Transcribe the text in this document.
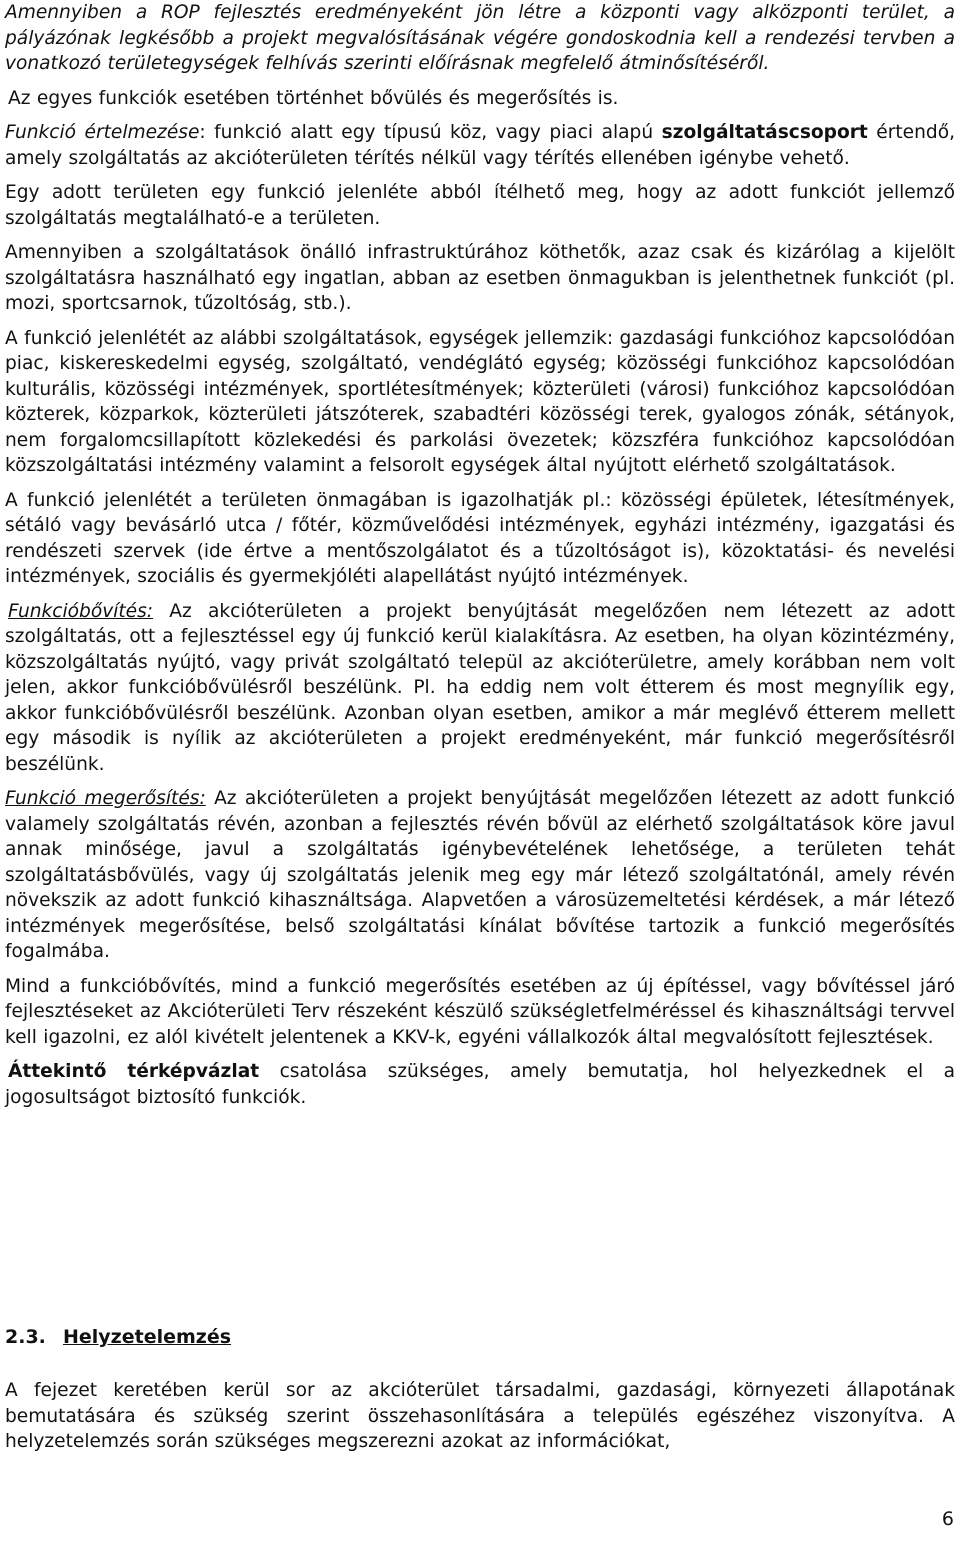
Amennyiben a ROP fejlesztés eredményeként jön létre a központi vagy alközponti terület, a pályázónak legkésőbb a projekt megvalósításának végére gondoskodnia kell a rendezési tervben a vonatkozó területegységek felhívás szerinti előírásnak megfelelő átminősítéséről.

Az egyes funkciók esetében történhet bővülés és megerősítés is.

Funkció értelmezése: funkció alatt egy típusú köz, vagy piaci alapú szolgáltatáscsoport értendő, amely szolgáltatás az akcióterületen térítés nélkül vagy térítés ellenében igénybe vehető.

Egy adott területen egy funkció jelenléte abból ítélhető meg, hogy az adott funkciót jellemző szolgáltatás megtalálható-e a területen.

Amennyiben a szolgáltatások önálló infrastruktúrához köthetők, azaz csak és kizárólag a kijelölt szolgáltatásra használható egy ingatlan, abban az esetben önmagukban is jelenthetnek funkciót (pl. mozi, sportcsarnok, tűzoltóság, stb.).

A funkció jelenlétét az alábbi szolgáltatások, egységek jellemzik: gazdasági funkcióhoz kapcsolódóan piac, kiskereskedelmi egység, szolgáltató, vendéglátó egység; közösségi funkcióhoz kapcsolódóan kulturális, közösségi intézmények, sportlétesítmények; közterületi (városi) funkcióhoz kapcsolódóan közterek, közparkok, közterületi játszóterek, szabadtéri közösségi terek, gyalogos zónák, sétányok, nem forgalomcsillapított közlekedési és parkolási övezetek; közszféra funkcióhoz kapcsolódóan közszolgáltatási intézmény valamint a felsorolt egységek által nyújtott elérhető szolgáltatások.

A funkció jelenlétét a területen önmagában is igazolhatják pl.: közösségi épületek, létesítmények, sétáló vagy bevásárló utca / főtér, közművelődési intézmények, egyházi intézmény, igazgatási és rendészeti szervek (ide értve a mentőszolgálatot és a tűzoltóságot is), közoktatási- és nevelési intézmények, szociális és gyermekjóléti alapellátást nyújtó intézmények.

Funkcióbővítés: Az akcióterületen a projekt benyújtását megelőzően nem létezett az adott szolgáltatás, ott a fejlesztéssel egy új funkció kerül kialakításra. Az esetben, ha olyan közintézmény, közszolgáltatás nyújtó, vagy privát szolgáltató települ az akcióterületre, amely korábban nem volt jelen, akkor funkcióbővülésről beszélünk. Pl. ha eddig nem volt étterem és most megnyílik egy, akkor funkcióbővülésről beszélünk. Azonban olyan esetben, amikor a már meglévő étterem mellett egy második is nyílik az akcióterületen a projekt eredményeként, már funkció megerősítésről beszélünk.

Funkció megerősítés: Az akcióterületen a projekt benyújtását megelőzően létezett az adott funkció valamely szolgáltatás révén, azonban a fejlesztés révén bővül az elérhető szolgáltatások köre javul annak minősége, javul a szolgáltatás igénybevételének lehetősége, a területen tehát szolgáltatásbővülés, vagy új szolgáltatás jelenik meg egy már létező szolgáltatónál, amely révén növekszik az adott funkció kihasználtsága. Alapvetően a városüzemeltetési kérdések, a már létező intézmények megerősítése, belső szolgáltatási kínálat bővítése tartozik a funkció megerősítés fogalmába.

Mind a funkcióbővítés, mind a funkció megerősítés esetében az új építéssel, vagy bővítéssel járó fejlesztéseket az Akcióterületi Terv részeként készülő szükségletfelméréssel és kihasználtsági tervvel kell igazolni, ez alól kivételt jelentenek a KKV-k, egyéni vállalkozók által megvalósított fejlesztések.

Áttekintő térképvázlat csatolása szükséges, amely bemutatja, hol helyezkednek el a jogosultságot biztosító funkciók.

2.3. Helyzetelemzés

A fejezet keretében kerül sor az akcióterület társadalmi, gazdasági, környezeti állapotának bemutatására és szükség szerint összehasonlítására a település egészéhez viszonyítva. A helyzetelemzés során szükséges megszerezni azokat az információkat,

6
